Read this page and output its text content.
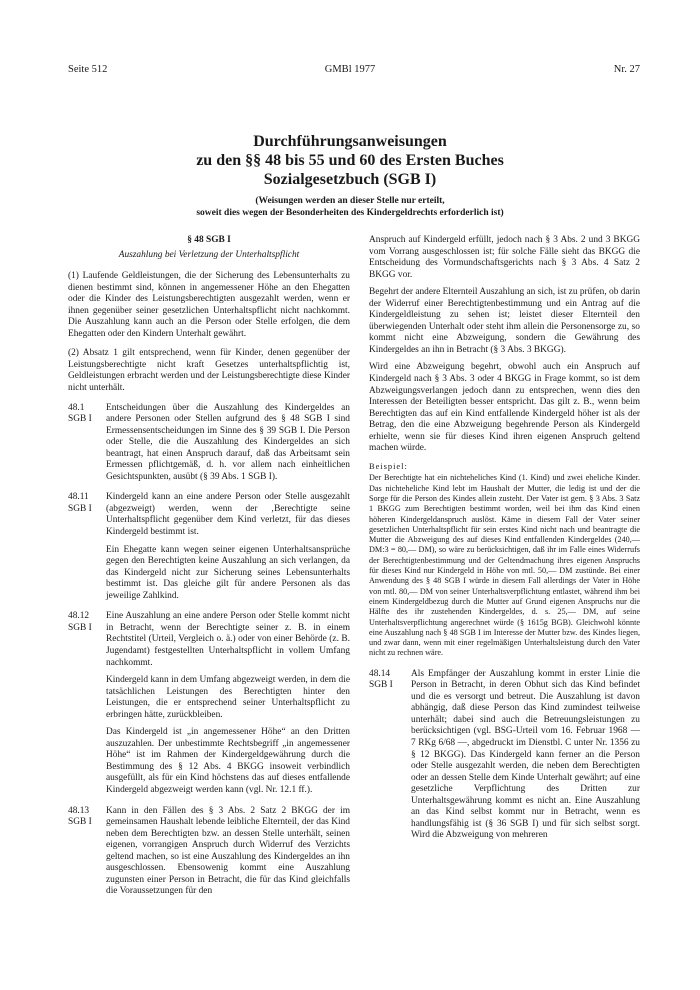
Seite 512	GMBl 1977	Nr. 27
Durchführungsanweisungen
zu den §§ 48 bis 55 und 60 des Ersten Buches
Sozialgesetzbuch (SGB I)
(Weisungen werden an dieser Stelle nur erteilt,
soweit dies wegen der Besonderheiten des Kindergeldrechts erforderlich ist)

§ 48 SGB I

Auszahlung bei Verletzung der Unterhaltspflicht

(1) Laufende Geldleistungen, die der Sicherung des Lebensunterhalts zu dienen bestimmt sind, können in angemessener Höhe an den Ehegatten oder die Kinder des Leistungsberechtigten ausgezahlt werden, wenn er ihnen gegenüber seiner gesetzlichen Unterhaltspflicht nicht nachkommt. Die Auszahlung kann auch an die Person oder Stelle erfolgen, die dem Ehegatten oder den Kindern Unterhalt gewährt.

(2) Absatz 1 gilt entsprechend, wenn für Kinder, denen gegenüber der Leistungsberechtigte nicht kraft Gesetzes unterhaltspflichtig ist, Geldleistungen erbracht werden und der Leistungsberechtigte diese Kinder nicht unterhält.

48.1
SGB I

Entscheidungen über die Auszahlung des Kindergeldes an andere Personen oder Stellen aufgrund des § 48 SGB I sind Ermessensentscheidungen im Sinne des § 39 SGB I. Die Person oder Stelle, die die Auszahlung des Kindergeldes an sich beantragt, hat einen Anspruch darauf, daß das Arbeitsamt sein Ermessen pflichtgemäß, d. h. vor allem nach einheitlichen Gesichtspunkten, ausübt (§ 39 Abs. 1 SGB I).

48.11
SGB I

Kindergeld kann an eine andere Person oder Stelle ausgezahlt (abgezweigt) werden, wenn der ‚Berechtigte seine Unterhaltspflicht gegenüber dem Kind verletzt, für das dieses Kindergeld bestimmt ist.

Ein Ehegatte kann wegen seiner eigenen Unterhaltsansprüche gegen den Berechtigten keine Auszahlung an sich verlangen, da das Kindergeld nicht zur Sicherung seines Lebensunterhalts bestimmt ist. Das gleiche gilt für andere Personen als das jeweilige Zahlkind.

48.12
SGB I

Eine Auszahlung an eine andere Person oder Stelle kommt nicht in Betracht, wenn der Berechtigte seiner z. B. in einem Rechtstitel (Urteil, Vergleich o. ä.) oder von einer Behörde (z. B. Jugendamt) festgestellten Unterhaltspflicht in vollem Umfang nachkommt.

Kindergeld kann in dem Umfang abgezweigt werden, in dem die tatsächlichen Leistungen des Berechtigten hinter den Leistungen, die er entsprechend seiner Unterhaltspflicht zu erbringen hätte, zurückbleiben.

Das Kindergeld ist „in angemessener Höhe“ an den Dritten auszuzahlen. Der unbestimmte Rechtsbegriff „in angemessener Höhe“ ist im Rahmen der Kindergeldgewährung durch die Bestimmung des § 12 Abs. 4 BKGG insoweit verbindlich ausgefüllt, als für ein Kind höchstens das auf dieses entfallende Kindergeld abgezweigt werden kann (vgl. Nr. 12.1 ff.).

48.13
SGB I

Kann in den Fällen des § 3 Abs. 2 Satz 2 BKGG der im gemeinsamen Haushalt lebende leibliche Elternteil, der das Kind neben dem Berechtigten bzw. an dessen Stelle unterhält, seinen eigenen, vorrangigen Anspruch durch Widerruf des Verzichts geltend machen, so ist eine Auszahlung des Kindergeldes an ihn ausgeschlossen. Ebensowenig kommt eine Auszahlung zugunsten einer Person in Betracht, die für das Kind gleichfalls die Voraussetzungen für den

Anspruch auf Kindergeld erfüllt, jedoch nach § 3 Abs. 2 und 3 BKGG vom Vorrang ausgeschlossen ist; für solche Fälle sieht das BKGG die Entscheidung des Vormundschaftsgerichts nach § 3 Abs. 4 Satz 2 BKGG vor.

Begehrt der andere Elternteil Auszahlung an sich, ist zu prüfen, ob darin der Widerruf einer Berechtigtenbestimmung und ein Antrag auf die Kindergeldleistung zu sehen ist; leistet dieser Elternteil den überwiegenden Unterhalt oder steht ihm allein die Personensorge zu, so kommt nicht eine Abzweigung, sondern die Gewährung des Kindergeldes an ihn in Betracht (§ 3 Abs. 3 BKGG).

Wird eine Abzweigung begehrt, obwohl auch ein Anspruch auf Kindergeld nach § 3 Abs. 3 oder 4 BKGG in Frage kommt, so ist dem Abzweigungsverlangen jedoch dann zu entsprechen, wenn dies den Interessen der Beteiligten besser entspricht. Das gilt z. B., wenn beim Berechtigten das auf ein Kind entfallende Kindergeld höher ist als der Betrag, den die eine Abzweigung begehrende Person als Kindergeld erhielte, wenn sie für dieses Kind ihren eigenen Anspruch geltend machen würde.

Beispiel:

Der Berechtigte hat ein nichteheliches Kind (1. Kind) und zwei eheliche Kinder. Das nichteheliche Kind lebt im Haushalt der Mutter, die ledig ist und der die Sorge für die Person des Kindes allein zusteht. Der Vater ist gem. § 3 Abs. 3 Satz 1 BKGG zum Berechtigten bestimmt worden, weil bei ihm das Kind einen höheren Kindergeldanspruch auslöst. Käme in diesem Fall der Vater seiner gesetzlichen Unterhaltspflicht für sein erstes Kind nicht nach und beantragte die Mutter die Abzweigung des auf dieses Kind entfallenden Kindergeldes (240,— DM:3 = 80,— DM), so wäre zu berücksichtigen, daß ihr im Falle eines Widerrufs der Berechtigtenbestimmung und der Geltendmachung ihres eigenen Anspruchs für dieses Kind nur Kindergeld in Höhe von mtl. 50,— DM zustünde. Bei einer Anwendung des § 48 SGB I würde in diesem Fall allerdings der Vater in Höhe von mtl. 80,— DM von seiner Unterhaltsverpflichtung entlastet, während ihm bei einem Kindergeldbezug durch die Mutter auf Grund eigenen Anspruchs nur die Hälfte des ihr zustehenden Kindergeldes, d. s. 25,— DM, auf seine Unterhaltsverpflichtung angerechnet würde (§ 1615g BGB). Gleichwohl könnte eine Auszahlung nach § 48 SGB I im Interesse der Mutter bzw. des Kindes liegen, und zwar dann, wenn mit einer regelmäßigen Unterhaltsleistung durch den Vater nicht zu rechnen wäre.

48.14
SGB I

Als Empfänger der Auszahlung kommt in erster Linie die Person in Betracht, in deren Obhut sich das Kind befindet und die es versorgt und betreut. Die Auszahlung ist davon abhängig, daß diese Person das Kind zumindest teilweise unterhält; dabei sind auch die Betreuungsleistungen zu berücksichtigen (vgl. BSG-Urteil vom 16. Februar 1968 — 7 RKg 6/68 —, abgedruckt im Dienstbl. C unter Nr. 1356 zu § 12 BKGG). Das Kindergeld kann ferner an die Person oder Stelle ausgezahlt werden, die neben dem Berechtigten oder an dessen Stelle dem Kinde Unterhalt gewährt; auf eine gesetzliche Verpflichtung des Dritten zur Unterhaltsgewährung kommt es nicht an. Eine Auszahlung an das Kind selbst kommt nur in Betracht, wenn es handlungsfähig ist (§ 36 SGB I) und für sich selbst sorgt. Wird die Abzweigung von mehreren
